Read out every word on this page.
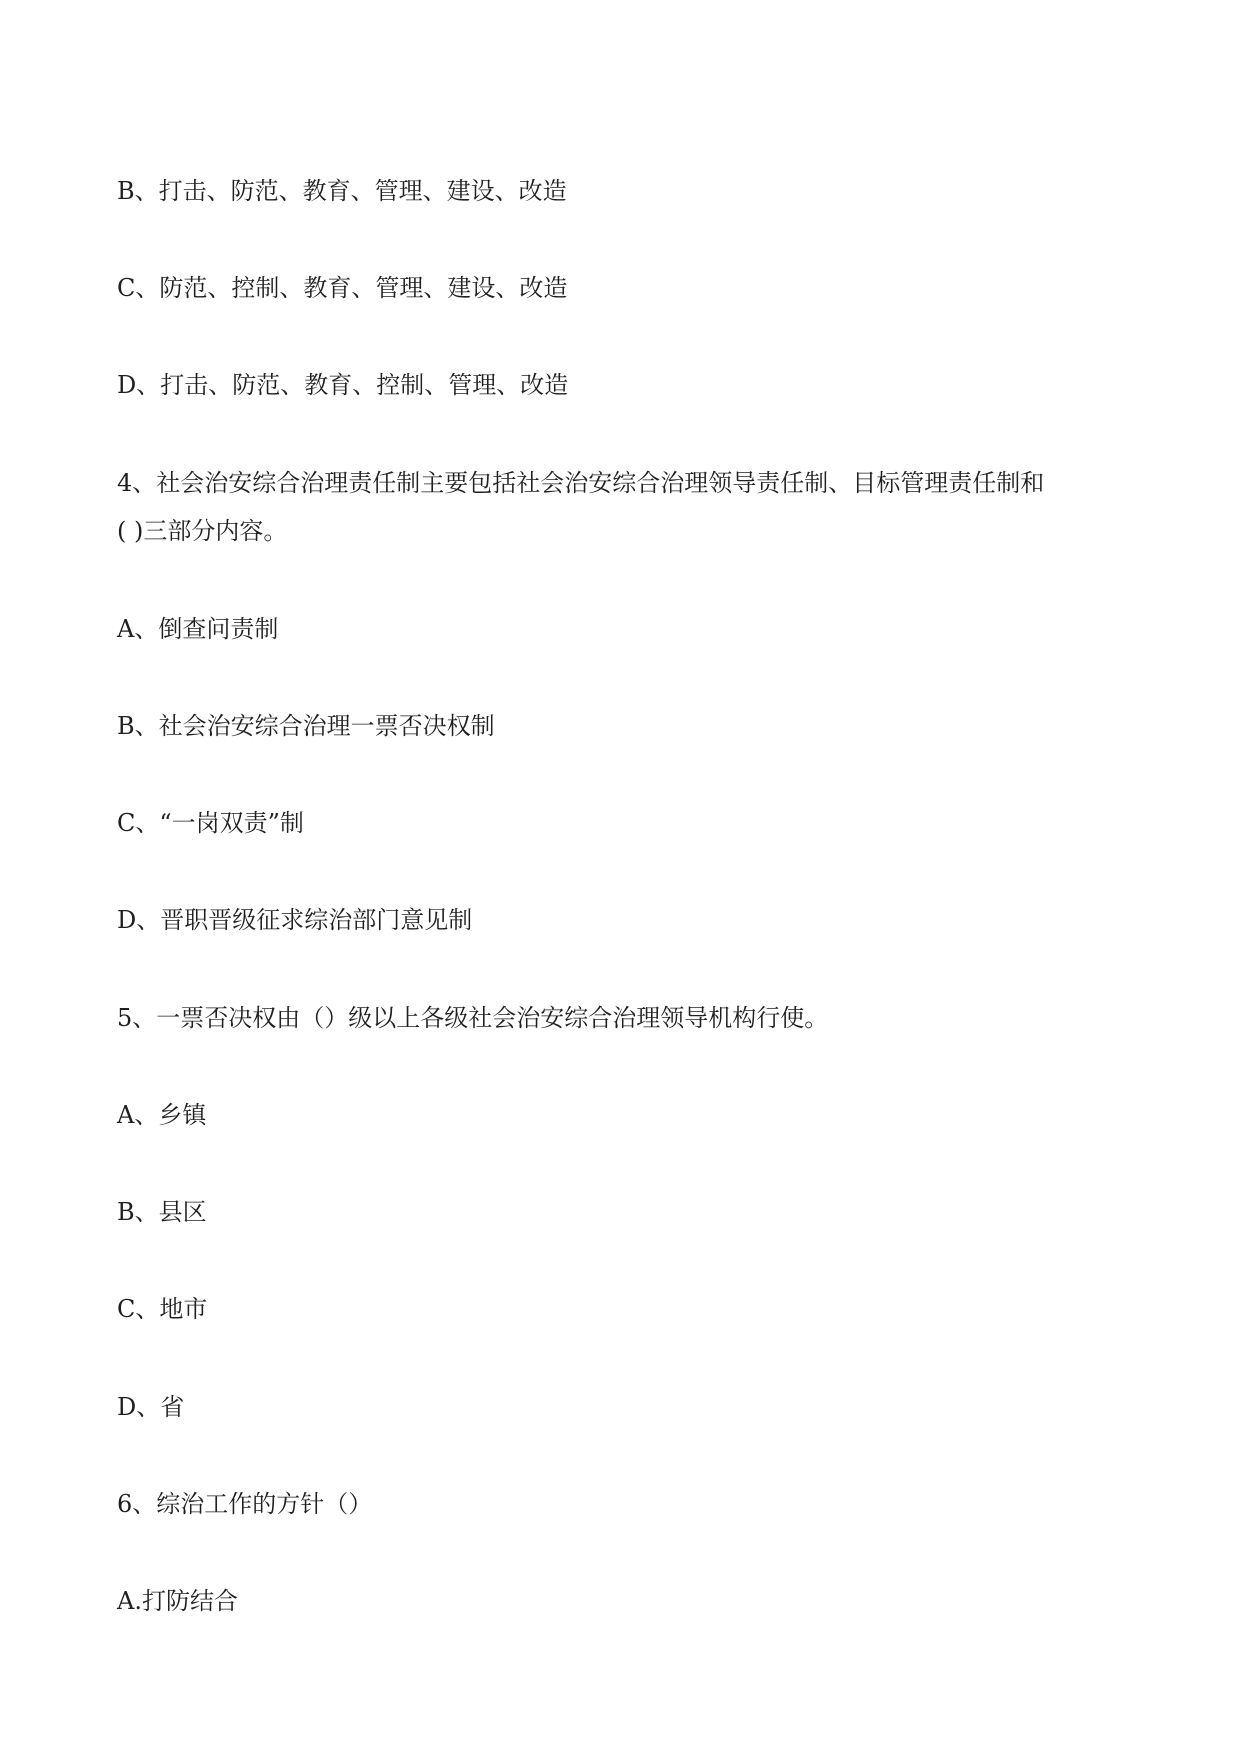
B、打击、防范、教育、管理、建设、改造

C、防范、控制、教育、管理、建设、改造

D、打击、防范、教育、控制、管理、改造

4、社会治安综合治理责任制主要包括社会治安综合治理领导责任制、目标管理责任制和

( )三部分内容。

A、倒查问责制

B、社会治安综合治理一票否决权制

C、“一岗双责”制

D、晋职晋级征求综治部门意见制

5、一票否决权由（）级以上各级社会治安综合治理领导机构行使。

A、乡镇

B、县区

C、地市

D、省

6、综治工作的方针（）

A.打防结合
